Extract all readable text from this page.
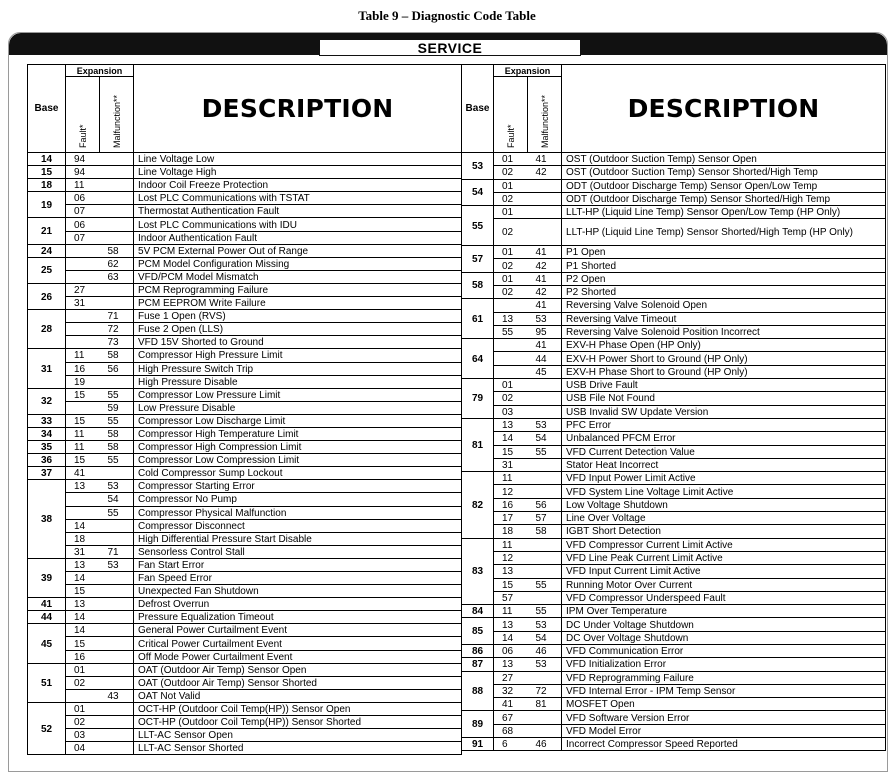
Table 9 – Diagnostic Code Table
SERVICE
Base	Expansion		DESCRIPTION

	Fault*	Malfunction**	

14	94		Line Voltage Low
15	94		Line Voltage High
18	11		Indoor Coil Freeze Protection
19	06		Lost PLC Communications with TSTAT
	07		Thermostat Authentication Fault
21	06		Lost PLC Communications with IDU
	07		Indoor Authentication Fault
24		58	5V PCM External Power Out of Range
25		62	PCM Model Configuration Missing
		63	VFD/PCM Model Mismatch
26	27		PCM Reprogramming Failure
	31		PCM EEPROM Write Failure
28		71	Fuse 1 Open (RVS)
		72	Fuse 2 Open (LLS)
		73	VFD 15V Shorted to Ground
31	11	58	Compressor High Pressure Limit
	16	56	High Pressure Switch Trip
	19		High Pressure Disable
32	15	55	Compressor Low Pressure Limit
		59	Low Pressure Disable
33	15	55	Compressor Low Discharge Limit
34	11	58	Compressor High Temperature Limit
35	11	58	Compressor High Compression Limit
36	15	55	Compressor Low Compression Limit
37	41		Cold Compressor Sump Lockout
38	13	53	Compressor Starting Error
		54	Compressor No Pump
		55	Compressor Physical Malfunction
	14		Compressor Disconnect
	18		High Differential Pressure Start Disable
	31	71	Sensorless Control Stall
39	13	53	Fan Start Error
	14		Fan Speed Error
	15		Unexpected Fan Shutdown
41	13		Defrost Overrun
44	14		Pressure Equalization Timeout
45	14		General Power Curtailment Event
	15		Critical Power Curtailment Event
	16		Off Mode Power Curtailment Event
51	01		OAT (Outdoor Air Temp) Sensor Open
	02		OAT (Outdoor Air Temp) Sensor Shorted
		43	OAT Not Valid
52	01		OCT-HP (Outdoor Coil Temp(HP)) Sensor Open
	02		OCT-HP (Outdoor Coil Temp(HP)) Sensor Shorted
	03		LLT-AC Sensor Open
	04		LLT-AC Sensor Shorted
Base	Expansion		DESCRIPTION

	Fault*	Malfunction**	

53	01	41	OST (Outdoor Suction Temp) Sensor Open
	02	42	OST (Outdoor Suction Temp) Sensor Shorted/High Temp
54	01		ODT (Outdoor Discharge Temp) Sensor Open/Low Temp
	02		ODT (Outdoor Discharge Temp) Sensor Shorted/High Temp
55	01		LLT-HP (Liquid Line Temp) Sensor Open/Low Temp (HP Only)
	02		LLT-HP (Liquid Line Temp) Sensor Shorted/High Temp (HP Only)
57	01	41	P1 Open
	02	42	P1 Shorted
58	01	41	P2 Open
	02	42	P2 Shorted
61		41	Reversing Valve Solenoid Open
	13	53	Reversing Valve Timeout
	55	95	Reversing Valve Solenoid Position Incorrect
64		41	EXV-H Phase Open (HP Only)
		44	EXV-H Power Short to Ground (HP Only)
		45	EXV-H Phase Short to Ground (HP Only)
79	01		USB Drive Fault
	02		USB File Not Found
	03		USB Invalid SW Update Version
81	13	53	PFC Error
	14	54	Unbalanced PFCM Error
	15	55	VFD Current Detection Value
	31		Stator Heat Incorrect
82	11		VFD Input Power Limit Active
	12		VFD System Line Voltage Limit Active
	16	56	Low Voltage Shutdown
	17	57	Line Over Voltage
	18	58	IGBT Short Detection
83	11		VFD Compressor Current Limit Active
	12		VFD Line Peak Current Limit Active
	13		VFD Input Current Limit Active
	15	55	Running Motor Over Current
	57		VFD Compressor Underspeed Fault
84	11	55	IPM Over Temperature
85	13	53	DC Under Voltage Shutdown
	14	54	DC Over Voltage Shutdown
86	06	46	VFD Communication Error
87	13	53	VFD Initialization Error
88	27		VFD Reprogramming Failure
	32	72	VFD Internal Error - IPM Temp Sensor
	41	81	MOSFET Open
89	67		VFD Software Version Error
	68		VFD Model Error
91	6	46	Incorrect Compressor Speed Reported
